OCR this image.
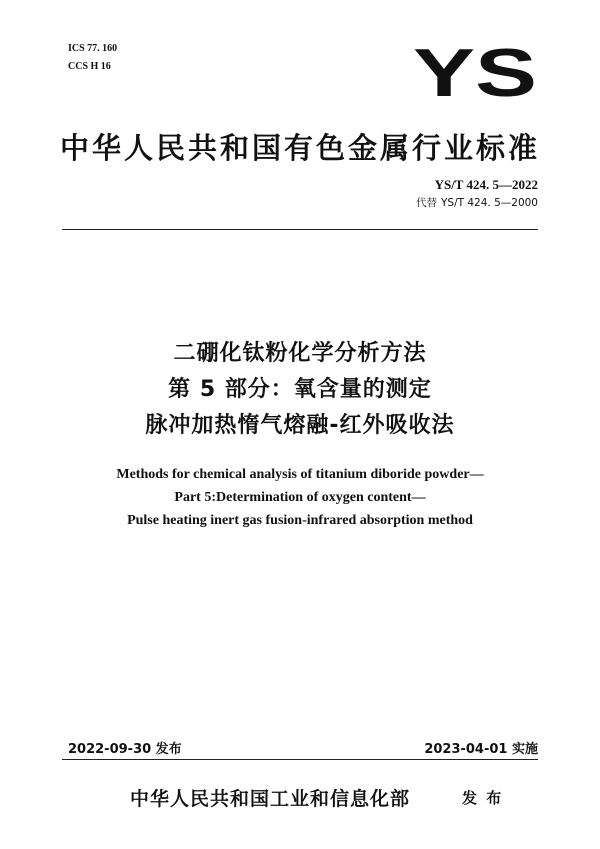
ICS 77. 160
CCS H 16	YS
中华人民共和国有色金属行业标准
YS/T 424. 5—2022
代替 YS/T 424. 5—2000
二硼化钛粉化学分析方法
第 5 部分：氧含量的测定
脉冲加热惰气熔融-红外吸收法
Methods for chemical analysis of titanium diboride powder—
Part 5:Determination of oxygen content—
Pulse heating inert gas fusion-infrared absorption method
2022-09-30 发布	2023-04-01 实施
中华人民共和国工业和信息化部	发 布
